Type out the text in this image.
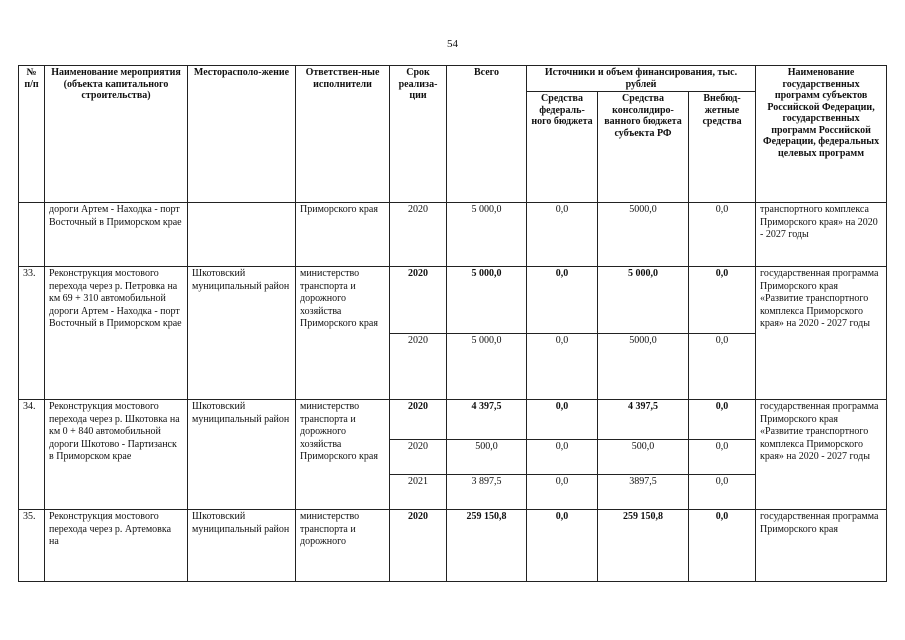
54
№ п/п	Наименование мероприятия (объекта капитального строительства)	Месторасполо-жение	Ответствен-ные исполнители	Срок реализа-ции	Всего	Источники и объем финансирования, тыс. рублей			Наименование государственных программ субъектов Российской Федерации, государственных программ Российской Федерации, федеральных целевых программ
						Средства федераль-ного бюджета	Средства консолидиро-ванного бюджета субъекта РФ	Внебюд-жетные средства	
	дороги Артем - Находка - порт Восточный в Приморском крае		Приморского края	2020	5 000,0	0,0	5000,0	0,0	транспортного комплекса Приморского края» на 2020 - 2027 годы
33.	Реконструкция мостового перехода через р. Петровка на км 69 + 310 автомобильной дороги Артем - Находка - порт Восточный в Приморском крае	Шкотовский муниципальный район	министерство транспорта и дорожного хозяйства Приморского края	2020	5 000,0	0,0	5 000,0	0,0	государственная программа Приморского края «Развитие транспортного комплекса Приморского края» на 2020 - 2027 годы
				2020	5 000,0	0,0	5000,0	0,0	
34.	Реконструкция мостового перехода через р. Шкотовка на км 0 + 840 автомобильной дороги Шкотово - Партизанск в Приморском крае	Шкотовский муниципальный район	министерство транспорта и дорожного хозяйства Приморского края	2020	4 397,5	0,0	4 397,5	0,0	государственная программа Приморского края «Развитие транспортного комплекса Приморского края» на 2020 - 2027 годы
				2020	500,0	0,0	500,0	0,0	
				2021	3 897,5	0,0	3897,5	0,0	
35.	Реконструкция мостового перехода через р. Артемовка на	Шкотовский муниципальный район	министерство транспорта и дорожного	2020	259 150,8	0,0	259 150,8	0,0	государственная программа Приморского края
